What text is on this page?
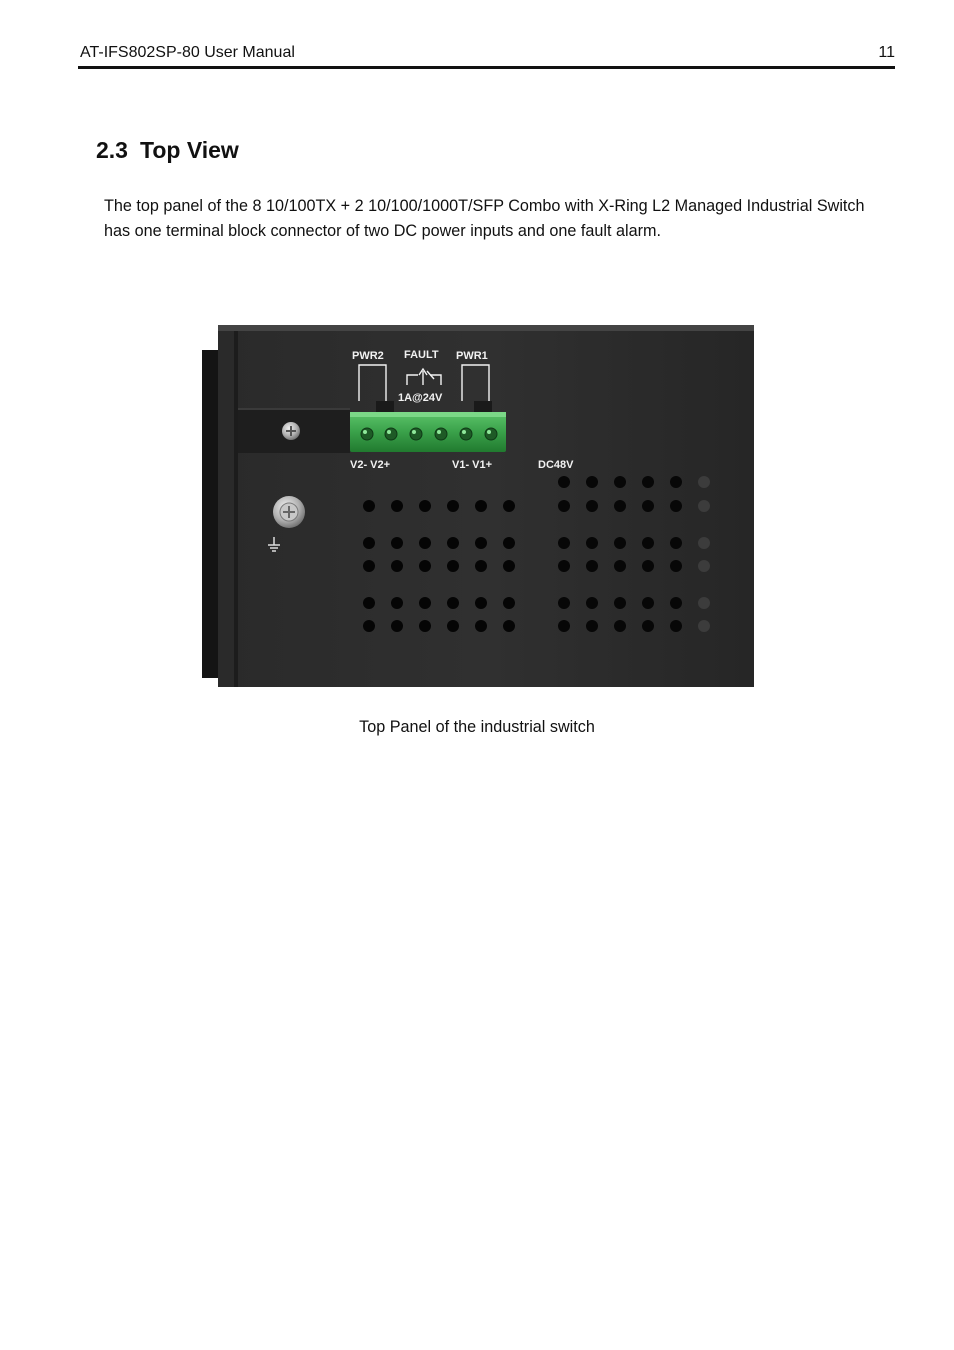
AT-IFS802SP-80 User Manual	11
2.3 Top View
The top panel of the 8 10/100TX + 2 10/100/1000T/SFP Combo with X-Ring L2 Managed Industrial Switch has one terminal block connector of two DC power inputs and one fault alarm.
PWR2 FAULT PWR1
1A@24V
V2- V2+	V1- V1+	DC48V
Top Panel of the industrial switch
